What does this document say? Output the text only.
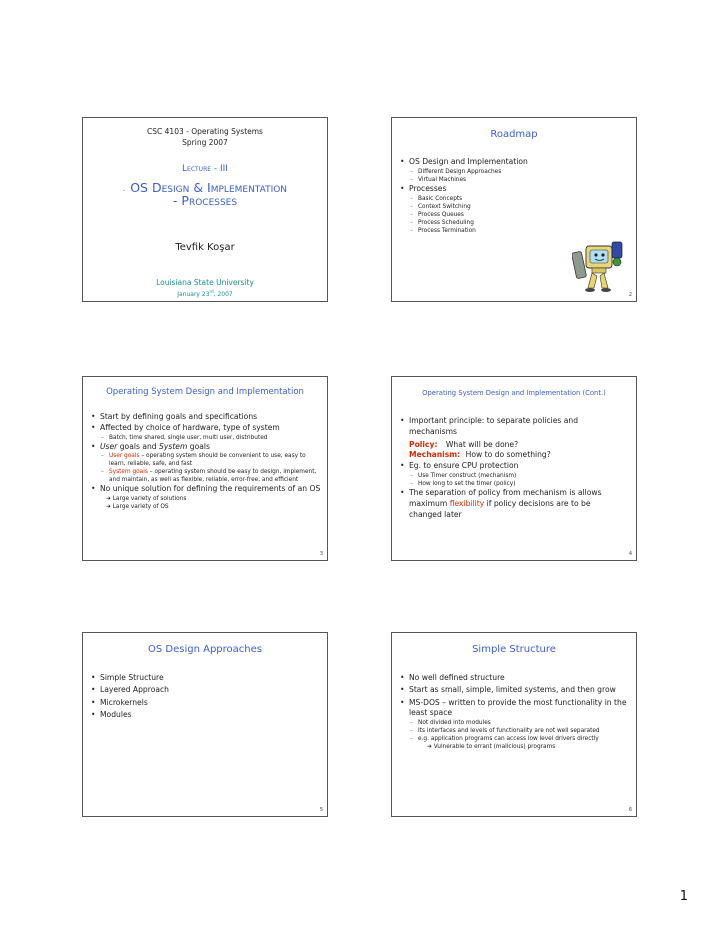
CSC 4103 - Operating Systems
Spring 2007
Lecture - III
- OS Design & Implementation
- Processes
Tevfik Koşar
Louisiana State University
January 23rd, 2007
Roadmap
• OS Design and Implementation
– Different Design Approaches
– Virtual Machines
• Processes
– Basic Concepts
– Context Switching
– Process Queues
– Process Scheduling
– Process Termination
2
Operating System Design and Implementation
• Start by defining goals and specifications
• Affected by choice of hardware, type of system
– Batch, time shared, single user, multi user, distributed
• User goals and System goals
– User goals – operating system should be convenient to use, easy to learn, reliable, safe, and fast
– System goals – operating system should be easy to design, implement, and maintain, as well as flexible, reliable, error-free, and efficient
• No unique solution for defining the requirements of an OS
➔ Large variety of solutions
➔ Large variety of OS
3
Operating System Design and Implementation (Cont.)
• Important principle: to separate policies and mechanisms
Policy: What will be done?
Mechanism: How to do something?
• Eg. to ensure CPU protection
– Use Timer construct (mechanism)
– How long to set the timer (policy)
• The separation of policy from mechanism is allows maximum flexibility if policy decisions are to be changed later
4
OS Design Approaches
• Simple Structure
• Layered Approach
• Microkernels
• Modules
5
Simple Structure
• No well defined structure
• Start as small, simple, limited systems, and then grow
• MS-DOS – written to provide the most functionality in the least space
– Not divided into modules
– Its interfaces and levels of functionality are not well separated
– e.g. application programs can access low level drivers directly
➔ Vulnerable to errant (malicious) programs
6
1
